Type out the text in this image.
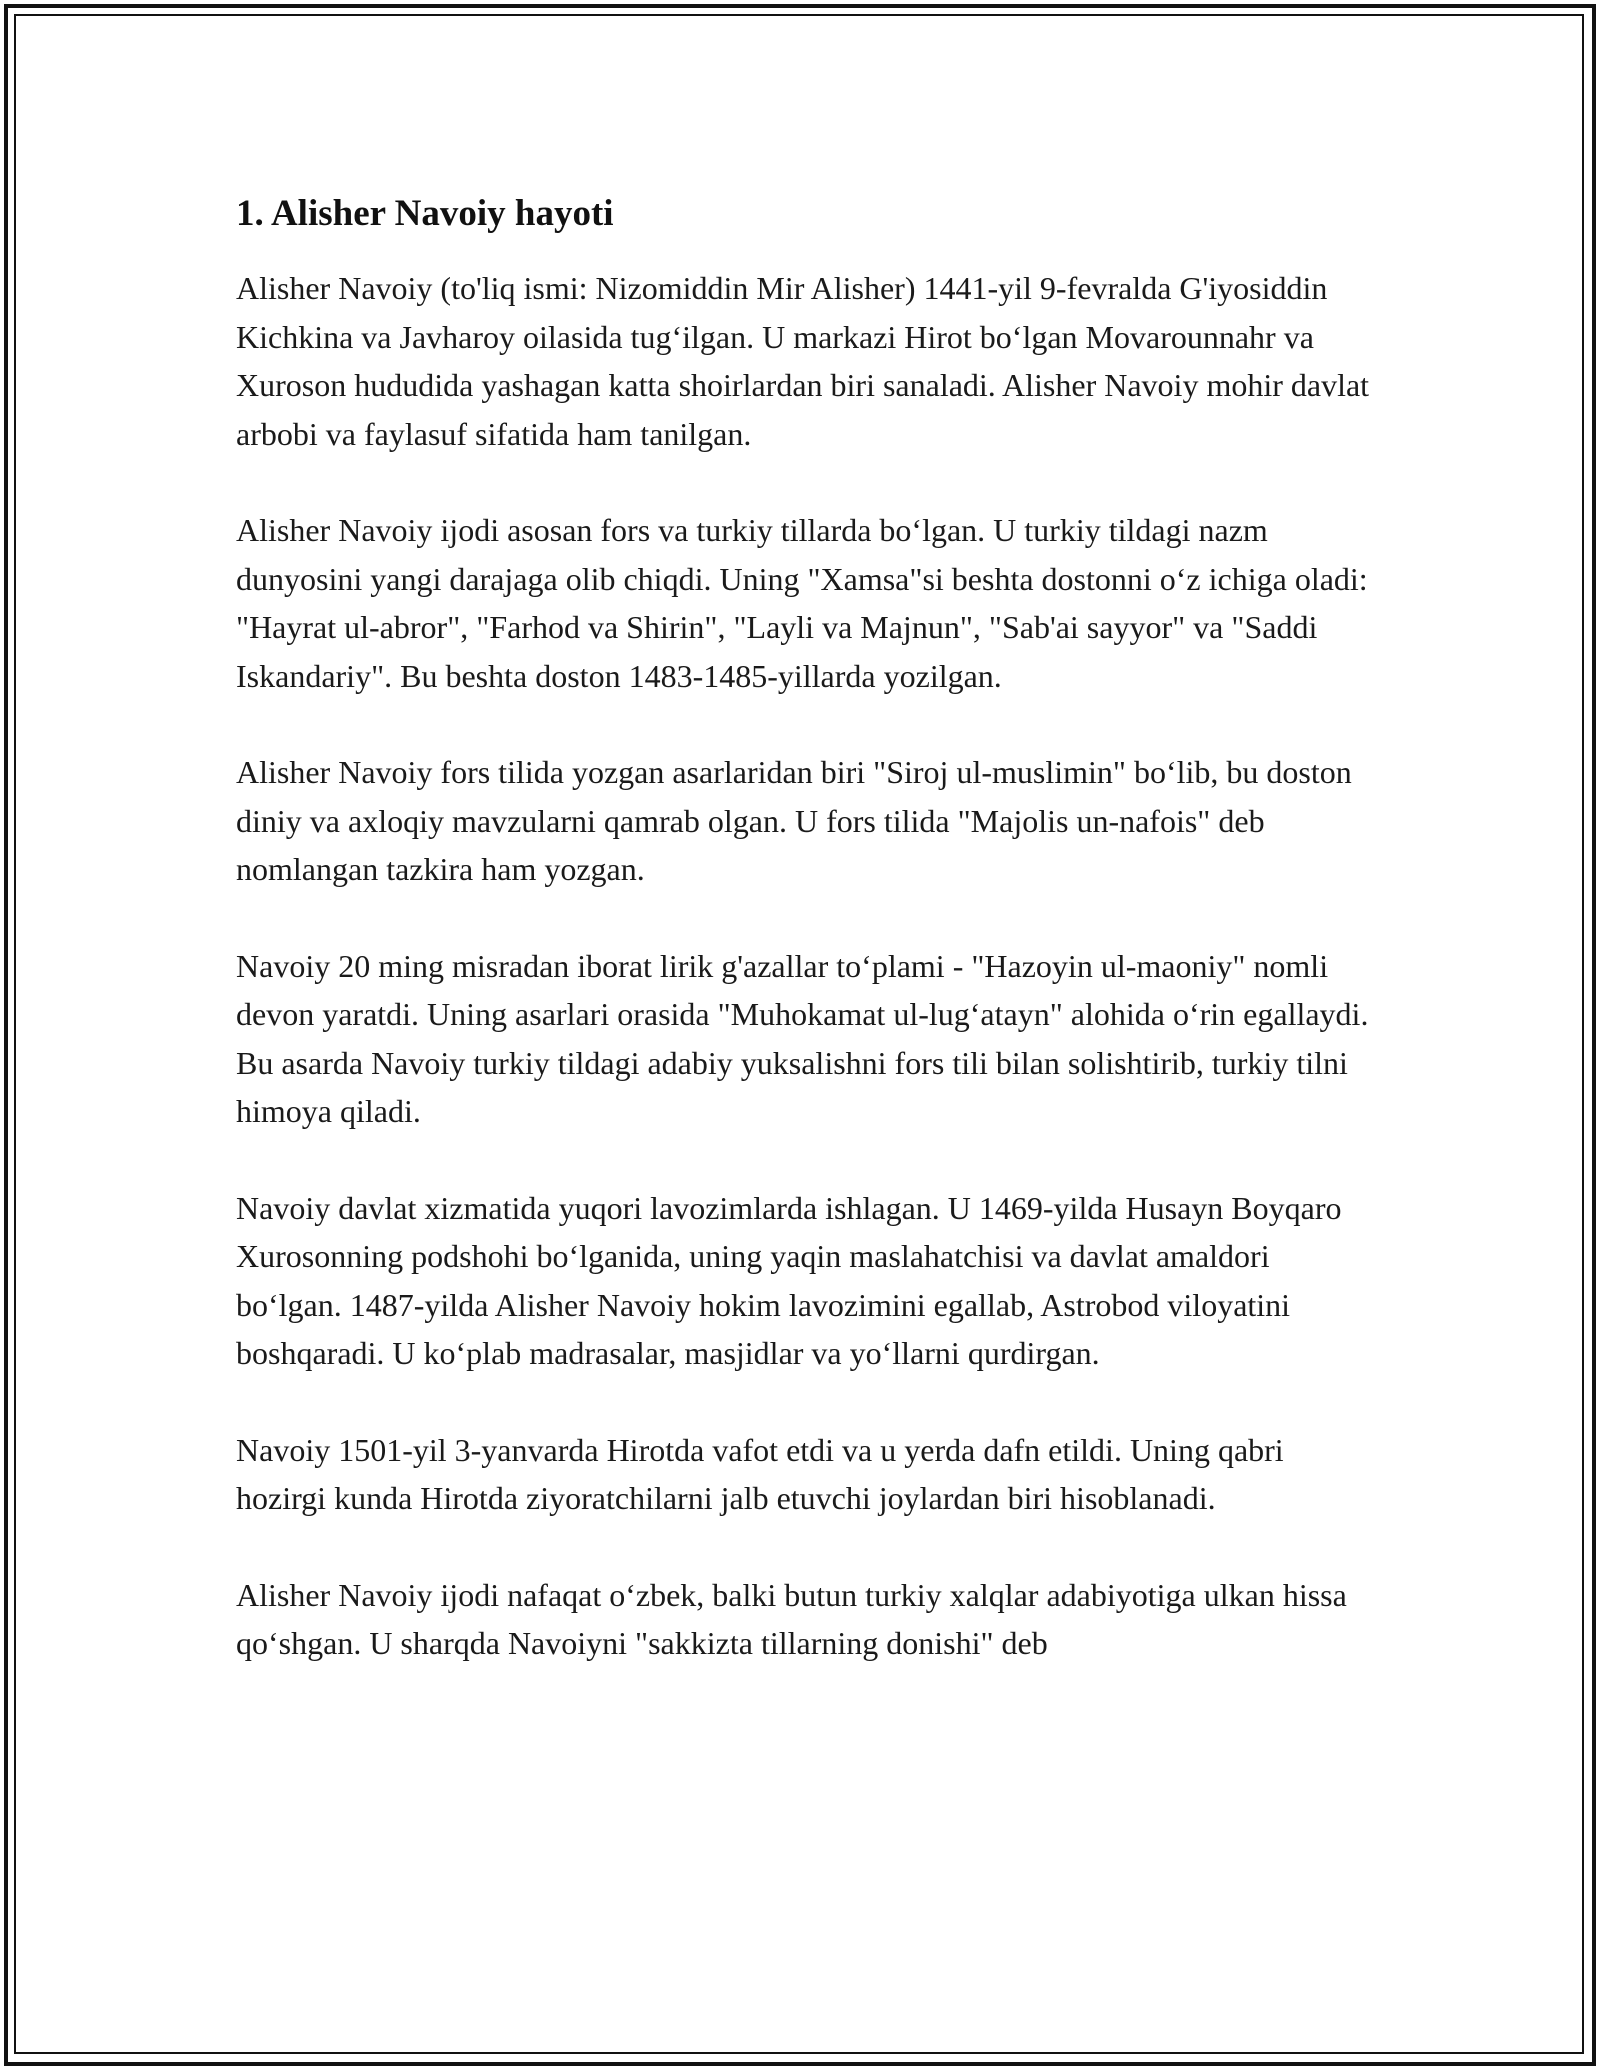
1. Alisher Navoiy hayoti

Alisher Navoiy (to'liq ismi: Nizomiddin Mir Alisher) 1441-yil 9-fevralda G'iyosiddin Kichkina va Javharoy oilasida tug‘ilgan. U markazi Hirot bo‘lgan Movarounnahr va Xuroson hududida yashagan katta shoirlardan biri sanaladi. Alisher Navoiy mohir davlat arbobi va faylasuf sifatida ham tanilgan.

Alisher Navoiy ijodi asosan fors va turkiy tillarda bo‘lgan. U turkiy tildagi nazm dunyosini yangi darajaga olib chiqdi. Uning "Xamsa"si beshta dostonni o‘z ichiga oladi: "Hayrat ul-abror", "Farhod va Shirin", "Layli va Majnun", "Sab'ai sayyor" va "Saddi Iskandariy". Bu beshta doston 1483-1485-yillarda yozilgan.

Alisher Navoiy fors tilida yozgan asarlaridan biri "Siroj ul-muslimin" bo‘lib, bu doston diniy va axloqiy mavzularni qamrab olgan. U fors tilida "Majolis un-nafois" deb nomlangan tazkira ham yozgan.

Navoiy 20 ming misradan iborat lirik g'azallar to‘plami - "Hazoyin ul-maoniy" nomli devon yaratdi. Uning asarlari orasida "Muhokamat ul-lug‘atayn" alohida o‘rin egallaydi. Bu asarda Navoiy turkiy tildagi adabiy yuksalishni fors tili bilan solishtirib, turkiy tilni himoya qiladi.

Navoiy davlat xizmatida yuqori lavozimlarda ishlagan. U 1469-yilda Husayn Boyqaro Xurosonning podshohi bo‘lganida, uning yaqin maslahatchisi va davlat amaldori bo‘lgan. 1487-yilda Alisher Navoiy hokim lavozimini egallab, Astrobod viloyatini boshqaradi. U ko‘plab madrasalar, masjidlar va yo‘llarni qurdirgan.

Navoiy 1501-yil 3-yanvarda Hirotda vafot etdi va u yerda dafn etildi. Uning qabri hozirgi kunda Hirotda ziyoratchilarni jalb etuvchi joylardan biri hisoblanadi.

Alisher Navoiy ijodi nafaqat o‘zbek, balki butun turkiy xalqlar adabiyotiga ulkan hissa qo‘shgan. U sharqda Navoiyni "sakkizta tillarning donishi" deb
